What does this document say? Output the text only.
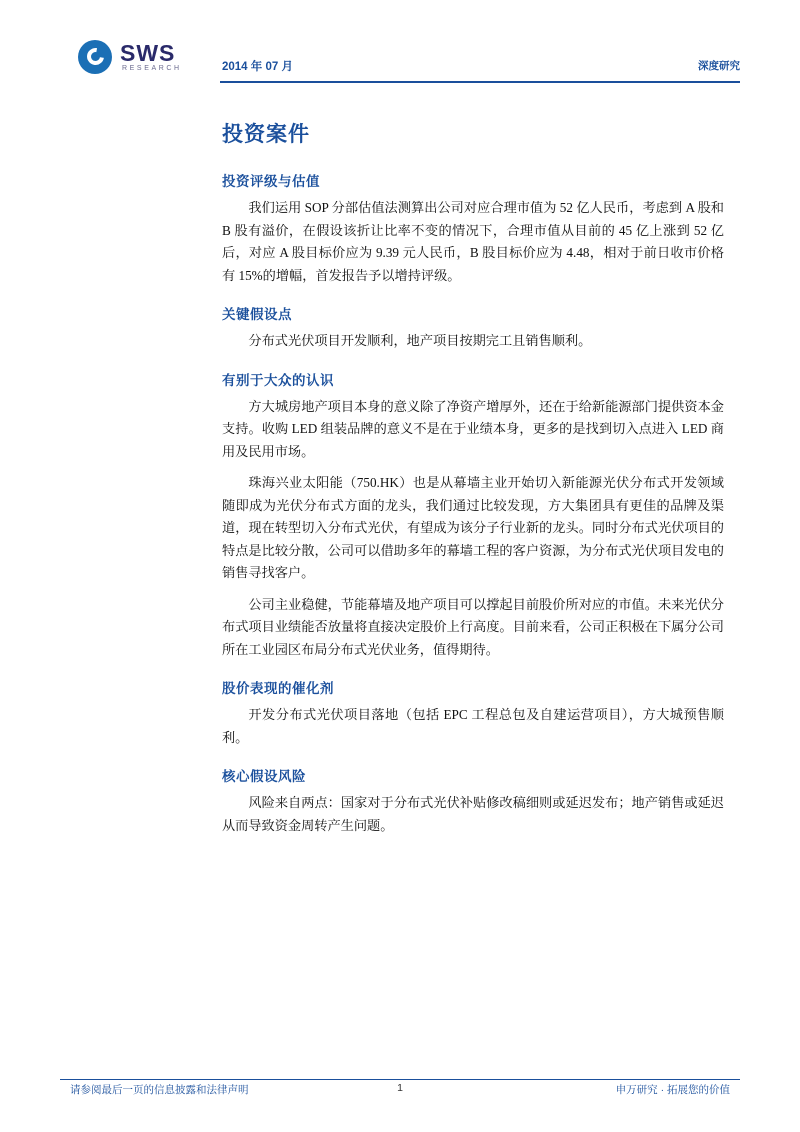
SWS
RESEARCH	2014 年 07 月	深度研究
投资案件
投资评级与估值

我们运用 SOP 分部估值法测算出公司对应合理市值为 52 亿人民币，考虑到 A 股和 B 股有溢价，在假设该折让比率不变的情况下，合理市值从目前的 45 亿上涨到 52 亿后，对应 A 股目标价应为 9.39 元人民币，B 股目标价应为 4.48，相对于前日收市价格有 15%的增幅，首发报告予以增持评级。

关键假设点

分布式光伏项目开发顺利，地产项目按期完工且销售顺利。

有别于大众的认识

方大城房地产项目本身的意义除了净资产增厚外，还在于给新能源部门提供资本金支持。收购 LED 组装品牌的意义不是在于业绩本身，更多的是找到切入点进入 LED 商用及民用市场。

珠海兴业太阳能（750.HK）也是从幕墙主业开始切入新能源光伏分布式开发领域随即成为光伏分布式方面的龙头，我们通过比较发现，方大集团具有更佳的品牌及渠道，现在转型切入分布式光伏，有望成为该分子行业新的龙头。同时分布式光伏项目的特点是比较分散，公司可以借助多年的幕墙工程的客户资源，为分布式光伏项目发电的销售寻找客户。

公司主业稳健，节能幕墙及地产项目可以撑起目前股价所对应的市值。未来光伏分布式项目业绩能否放量将直接决定股价上行高度。目前来看，公司正积极在下属分公司所在工业园区布局分布式光伏业务，值得期待。

股价表现的催化剂

开发分布式光伏项目落地（包括 EPC 工程总包及自建运营项目），方大城预售顺利。

核心假设风险

风险来自两点：国家对于分布式光伏补贴修改稿细则或延迟发布；地产销售或延迟从而导致资金周转产生问题。

请参阅最后一页的信息披露和法律声明	1	申万研究 · 拓展您的价值
